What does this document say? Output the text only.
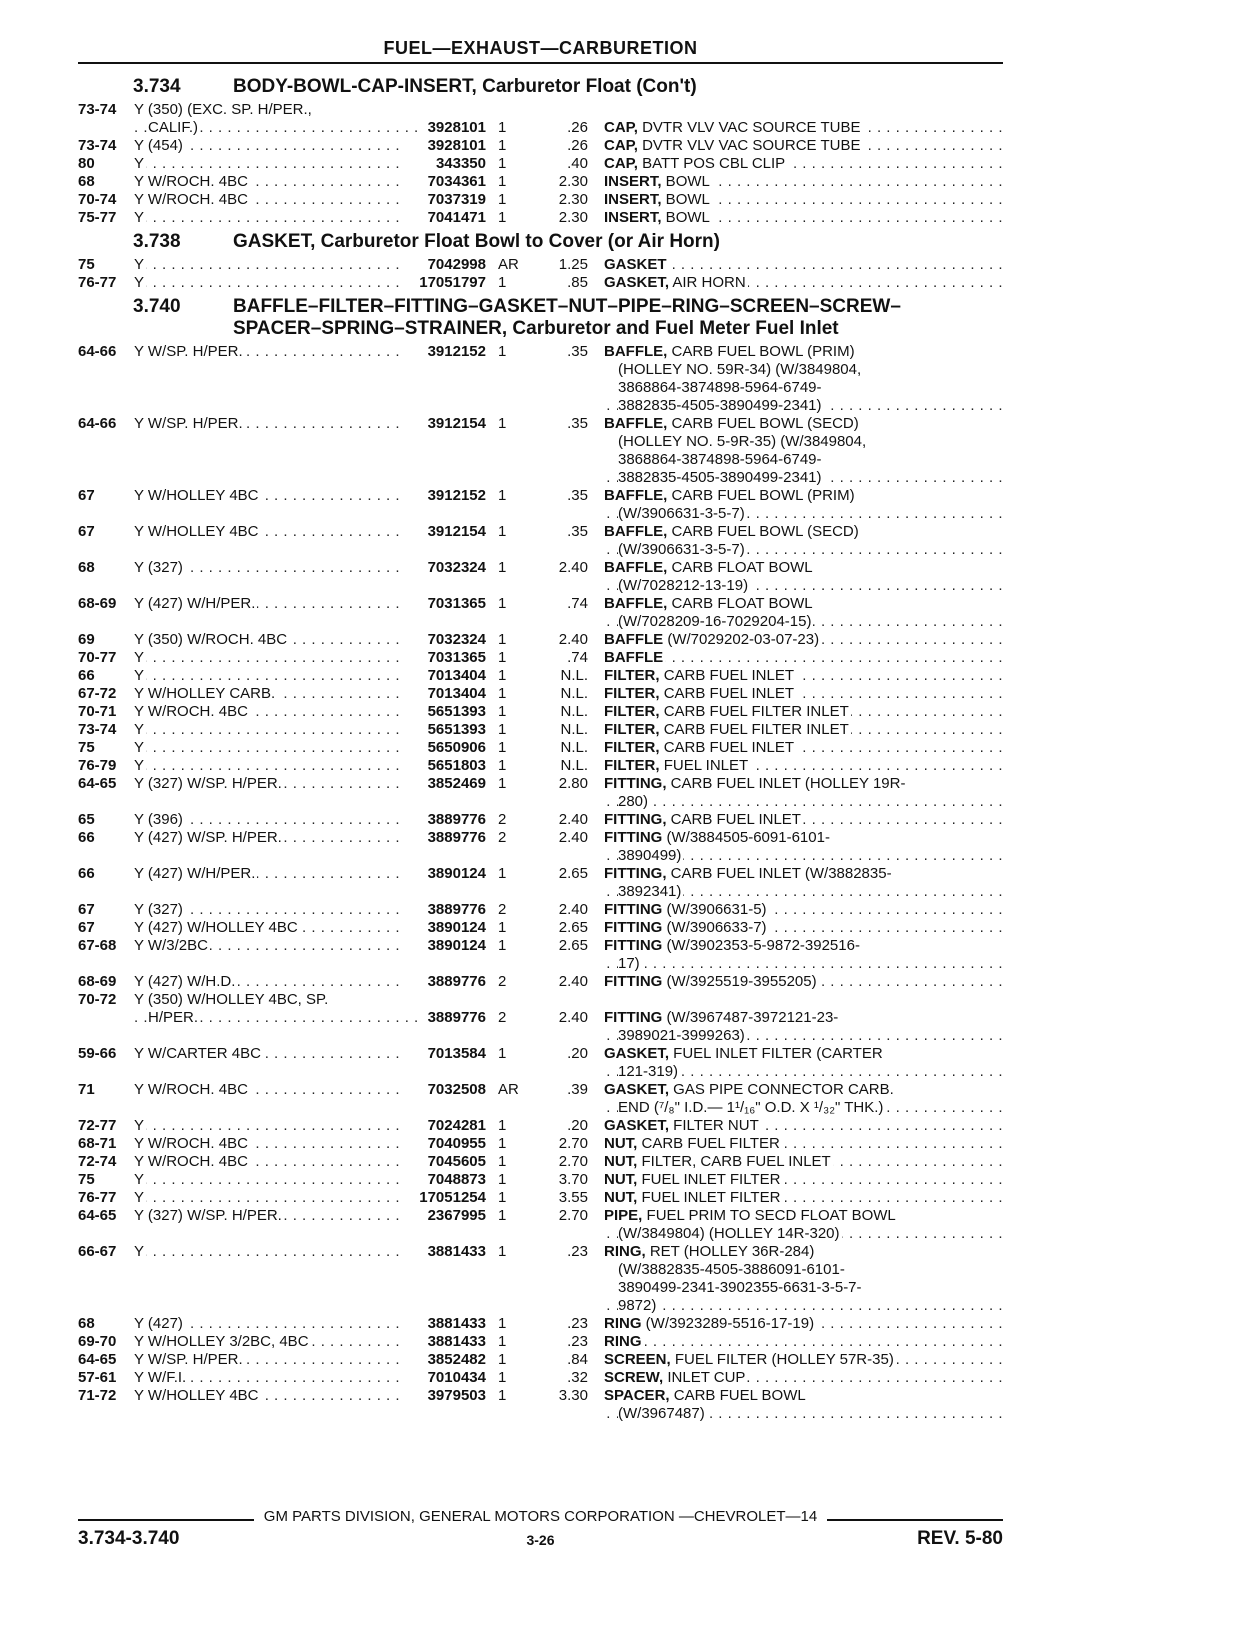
FUEL—EXHAUST—CARBURETION
3.734	BODY-BOWL-CAP-INSERT, Carburetor Float (Con't)
73-74	Y (350) (EXC. SP. H/PER.,
CALIF.) . . .	3928101 1	.26 CAP, DVTR VLV VAC SOURCE TUBE . . .
73-74	Y (454) . . .	3928101 1	.26 CAP, DVTR VLV VAC SOURCE TUBE . . .
80	Y . . .	343350 1	.40 CAP, BATT POS CBL CLIP . . .
68	Y W/ROCH. 4BC . . .	7034361 1	2.30 INSERT, BOWL . . .
70-74	Y W/ROCH. 4BC . . .	7037319 1	2.30 INSERT, BOWL . . .
75-77	Y . . .	7041471 1	2.30 INSERT, BOWL . . .
3.738	GASKET, Carburetor Float Bowl to Cover (or Air Horn)
75	Y . . .	7042998 AR	1.25 GASKET . . .
76-77	Y . . .	17051797 1	.85 GASKET, AIR HORN . . .
3.740	BAFFLE–FILTER–FITTING–GASKET–NUT–PIPE–RING–SCREEN–SCREW–
SPACER–SPRING–STRAINER, Carburetor and Fuel Meter Fuel Inlet
64-66	Y W/SP. H/PER. . . .	3912152 1	.35 BAFFLE, CARB FUEL BOWL (PRIM)
(HOLLEY NO. 59R-34) (W/3849804,
3868864-3874898-5964-6749-
3882835-4505-3890499-2341) . . .
64-66	Y W/SP. H/PER. . . .	3912154 1	.35 BAFFLE, CARB FUEL BOWL (SECD)
(HOLLEY NO. 5-9R-35) (W/3849804,
3868864-3874898-5964-6749-
3882835-4505-3890499-2341) . . .
67	Y W/HOLLEY 4BC . . .	3912152 1	.35 BAFFLE, CARB FUEL BOWL (PRIM)
(W/3906631-3-5-7) . . .
67	Y W/HOLLEY 4BC . . .	3912154 1	.35 BAFFLE, CARB FUEL BOWL (SECD)
(W/3906631-3-5-7) . . .
68	Y (327) . . .	7032324 1	2.40 BAFFLE, CARB FLOAT BOWL
(W/7028212-13-19) . . .
68-69	Y (427) W/H/PER. . . .	7031365 1	.74 BAFFLE, CARB FLOAT BOWL
(W/7028209-16-7029204-15) . . .
69	Y (350) W/ROCH. 4BC . . .	7032324 1	2.40 BAFFLE (W/7029202-03-07-23) . . .
70-77	Y . . .	7031365 1	.74 BAFFLE . . .
66	Y . . .	7013404 1	N.L. FILTER, CARB FUEL INLET . . .
67-72	Y W/HOLLEY CARB. . . .	7013404 1	N.L. FILTER, CARB FUEL INLET . . .
70-71	Y W/ROCH. 4BC . . .	5651393 1	N.L. FILTER, CARB FUEL FILTER INLET . . .
73-74	Y . . .	5651393 1	N.L. FILTER, CARB FUEL FILTER INLET . . .
75	Y . . .	5650906 1	N.L. FILTER, CARB FUEL INLET . . .
76-79	Y . . .	5651803 1	N.L. FILTER, FUEL INLET . . .
64-65	Y (327) W/SP. H/PER. . . .	3852469 1	2.80 FITTING, CARB FUEL INLET (HOLLEY 19R-
280) . . .
65	Y (396) . . .	3889776 2	2.40 FITTING, CARB FUEL INLET . . .
66	Y (427) W/SP. H/PER. . . .	3889776 2	2.40 FITTING (W/3884505-6091-6101-
3890499) . . .
66	Y (427) W/H/PER. . . .	3890124 1	2.65 FITTING, CARB FUEL INLET (W/3882835-
3892341) . . .
67	Y (327) . . .	3889776 2	2.40 FITTING (W/3906631-5) . . .
67	Y (427) W/HOLLEY 4BC . . .	3890124 1	2.65 FITTING (W/3906633-7) . . .
67-68	Y W/3/2BC . . .	3890124 1	2.65 FITTING (W/3902353-5-9872-392516-
17) . . .
68-69	Y (427) W/H.D. . . .	3889776 2	2.40 FITTING (W/3925519-3955205) . . .
70-72	Y (350) W/HOLLEY 4BC, SP.
H/PER. . . .	3889776 2	2.40 FITTING (W/3967487-3972121-23-
3989021-3999263) . . .
59-66	Y W/CARTER 4BC . . .	7013584 1	.20 GASKET, FUEL INLET FILTER (CARTER
121-319) . . .
71	Y W/ROCH. 4BC . . .	7032508 AR	.39 GASKET, GAS PIPE CONNECTOR CARB.
END (⁷/₈" I.D.— 1¹/₁₆" O.D. X ¹/₃₂" THK.) . . .
72-77	Y . . .	7024281 1	.20 GASKET, FILTER NUT . . .
68-71	Y W/ROCH. 4BC . . .	7040955 1	2.70 NUT, CARB FUEL FILTER . . .
72-74	Y W/ROCH. 4BC . . .	7045605 1	2.70 NUT, FILTER, CARB FUEL INLET . . .
75	Y . . .	7048873 1	3.70 NUT, FUEL INLET FILTER . . .
76-77	Y . . .	17051254 1	3.55 NUT, FUEL INLET FILTER . . .
64-65	Y (327) W/SP. H/PER. . . .	2367995 1	2.70 PIPE, FUEL PRIM TO SECD FLOAT BOWL
(W/3849804) (HOLLEY 14R-320) . . .
66-67	Y . . .	3881433 1	.23 RING, RET (HOLLEY 36R-284)
(W/3882835-4505-3886091-6101-
3890499-2341-3902355-6631-3-5-7-
9872) . . .
68	Y (427) . . .	3881433 1	.23 RING (W/3923289-5516-17-19) . . .
69-70	Y W/HOLLEY 3/2BC, 4BC . . .	3881433 1	.23 RING . . .
64-65	Y W/SP. H/PER. . . .	3852482 1	.84 SCREEN, FUEL FILTER (HOLLEY 57R-35) . . .
57-61	Y W/F.I. . . .	7010434 1	.32 SCREW, INLET CUP . . .
71-72	Y W/HOLLEY 4BC . . .	3979503 1	3.30 SPACER, CARB FUEL BOWL
(W/3967487) . . .
GM PARTS DIVISION, GENERAL MOTORS CORPORATION —CHEVROLET—14
3.734-3.740	3-26	REV. 5-80
